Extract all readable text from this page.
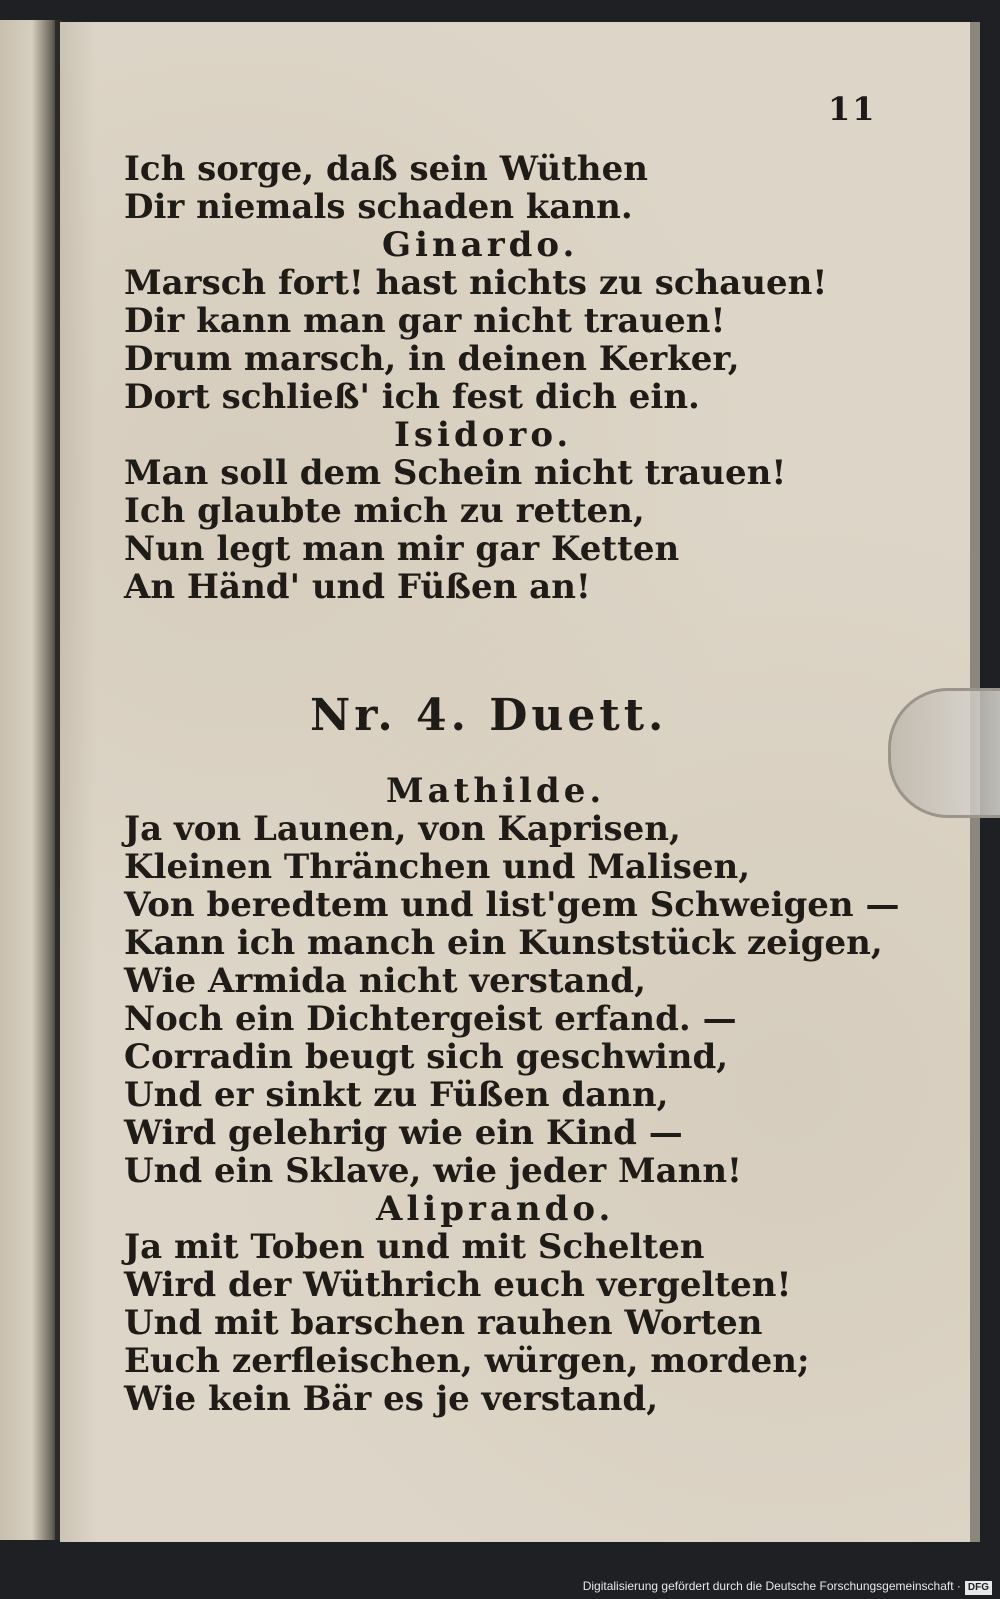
11
Ich sorge, daß sein Wüthen
Dir niemals schaden kann.
Ginardo.
Marsch fort! hast nichts zu schauen!
Dir kann man gar nicht trauen!
Drum marsch, in deinen Kerker,
Dort schließ' ich fest dich ein.
Isidoro.
Man soll dem Schein nicht trauen!
Ich glaubte mich zu retten,
Nun legt man mir gar Ketten
An Händ' und Füßen an!
Nr. 4. Duett.
Mathilde.
Ja von Launen, von Kaprisen,
Kleinen Thränchen und Malisen,
Von beredtem und list'gem Schweigen —
Kann ich manch ein Kunststück zeigen,
Wie Armida nicht verstand,
Noch ein Dichtergeist erfand. —
Corradin beugt sich geschwind,
Und er sinkt zu Füßen dann,
Wird gelehrig wie ein Kind —
Und ein Sklave, wie jeder Mann!
Aliprando.
Ja mit Toben und mit Schelten
Wird der Wüthrich euch vergelten!
Und mit barschen rauhen Worten
Euch zerfleischen, würgen, morden;
Wie kein Bär es je verstand,
Digitalisierung gefördert durch die Deutsche Forschungsgemeinschaft · DFG
